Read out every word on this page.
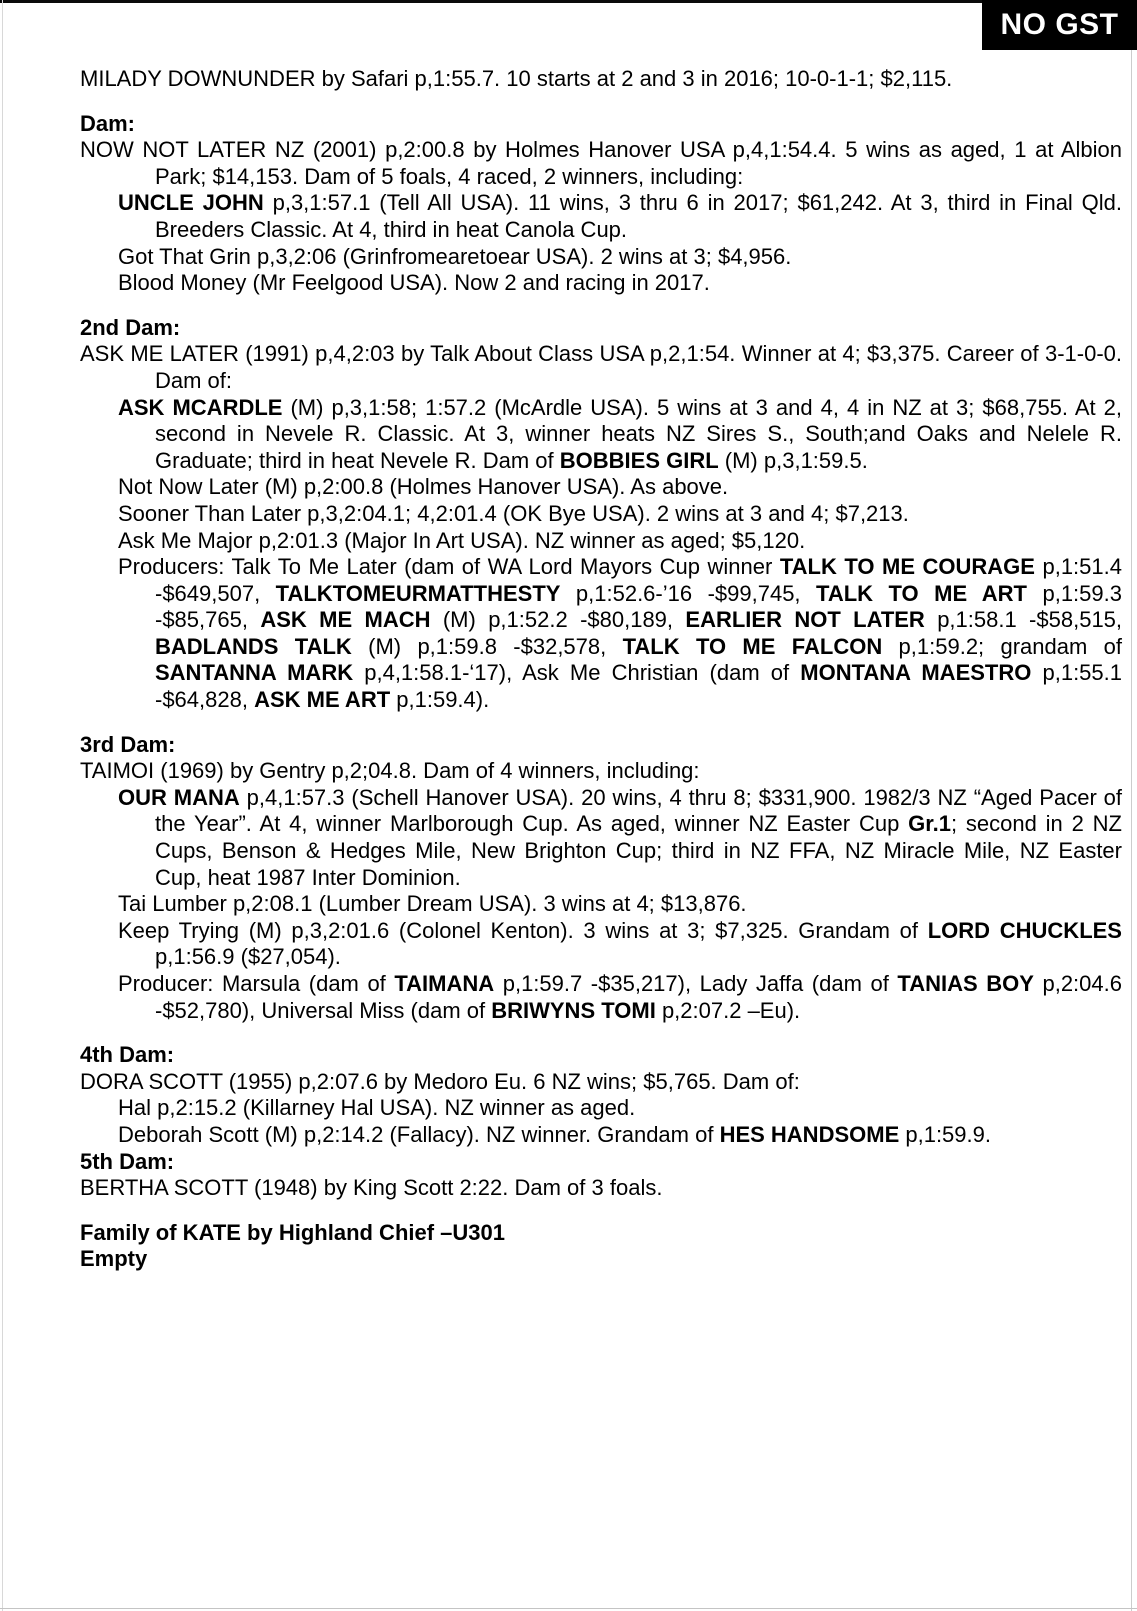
NO GST
MILADY DOWNUNDER by Safari p,1:55.7. 10 starts at 2 and 3 in 2016; 10-0-1-1; $2,115.
Dam:
NOW NOT LATER NZ (2001) p,2:00.8 by Holmes Hanover USA p,4,1:54.4. 5 wins as aged, 1 at Albion Park; $14,153. Dam of 5 foals, 4 raced, 2 winners, including:
UNCLE JOHN p,3,1:57.1 (Tell All USA). 11 wins, 3 thru 6 in 2017; $61,242. At 3, third in Final Qld. Breeders Classic. At 4, third in heat Canola Cup.
Got That Grin p,3,2:06 (Grinfromearetoear USA). 2 wins at 3; $4,956.
Blood Money (Mr Feelgood USA). Now 2 and racing in 2017.
2nd Dam:
ASK ME LATER (1991) p,4,2:03 by Talk About Class USA p,2,1:54. Winner at 4; $3,375. Career of 3-1-0-0. Dam of:
ASK MCARDLE (M) p,3,1:58; 1:57.2 (McArdle USA). 5 wins at 3 and 4, 4 in NZ at 3; $68,755. At 2, second in Nevele R. Classic. At 3, winner heats NZ Sires S., South;and Oaks and Nelele R. Graduate; third in heat Nevele R. Dam of BOBBIES GIRL (M) p,3,1:59.5.
Not Now Later (M) p,2:00.8 (Holmes Hanover USA). As above.
Sooner Than Later p,3,2:04.1; 4,2:01.4 (OK Bye USA). 2 wins at 3 and 4; $7,213.
Ask Me Major p,2:01.3 (Major In Art USA). NZ winner as aged; $5,120.
Producers: Talk To Me Later (dam of WA Lord Mayors Cup winner TALK TO ME COURAGE p,1:51.4 -$649,507, TALKTOMEURMATTHESTY p,1:52.6-’16 -$99,745, TALK TO ME ART p,1:59.3 -$85,765, ASK ME MACH (M) p,1:52.2 -$80,189, EARLIER NOT LATER p,1:58.1 -$58,515, BADLANDS TALK (M) p,1:59.8 -$32,578, TALK TO ME FALCON p,1:59.2; grandam of SANTANNA MARK p,4,1:58.1-‘17), Ask Me Christian (dam of MONTANA MAESTRO p,1:55.1 -$64,828, ASK ME ART p,1:59.4).
3rd Dam:
TAIMOI (1969) by Gentry p,2;04.8. Dam of 4 winners, including:
OUR MANA p,4,1:57.3 (Schell Hanover USA). 20 wins, 4 thru 8; $331,900. 1982/3 NZ “Aged Pacer of the Year”. At 4, winner Marlborough Cup. As aged, winner NZ Easter Cup Gr.1; second in 2 NZ Cups, Benson & Hedges Mile, New Brighton Cup; third in NZ FFA, NZ Miracle Mile, NZ Easter Cup, heat 1987 Inter Dominion.
Tai Lumber p,2:08.1 (Lumber Dream USA). 3 wins at 4; $13,876.
Keep Trying (M) p,3,2:01.6 (Colonel Kenton). 3 wins at 3; $7,325. Grandam of LORD CHUCKLES p,1:56.9 ($27,054).
Producer: Marsula (dam of TAIMANA p,1:59.7 -$35,217), Lady Jaffa (dam of TANIAS BOY p,2:04.6 -$52,780), Universal Miss (dam of BRIWYNS TOMI p,2:07.2 –Eu).
4th Dam:
DORA SCOTT (1955) p,2:07.6 by Medoro Eu. 6 NZ wins; $5,765. Dam of:
Hal p,2:15.2 (Killarney Hal USA). NZ winner as aged.
Deborah Scott (M) p,2:14.2 (Fallacy). NZ winner. Grandam of HES HANDSOME p,1:59.9.
5th Dam:
BERTHA SCOTT (1948) by King Scott 2:22. Dam of 3 foals.
Family of KATE by Highland Chief –U301
Empty
